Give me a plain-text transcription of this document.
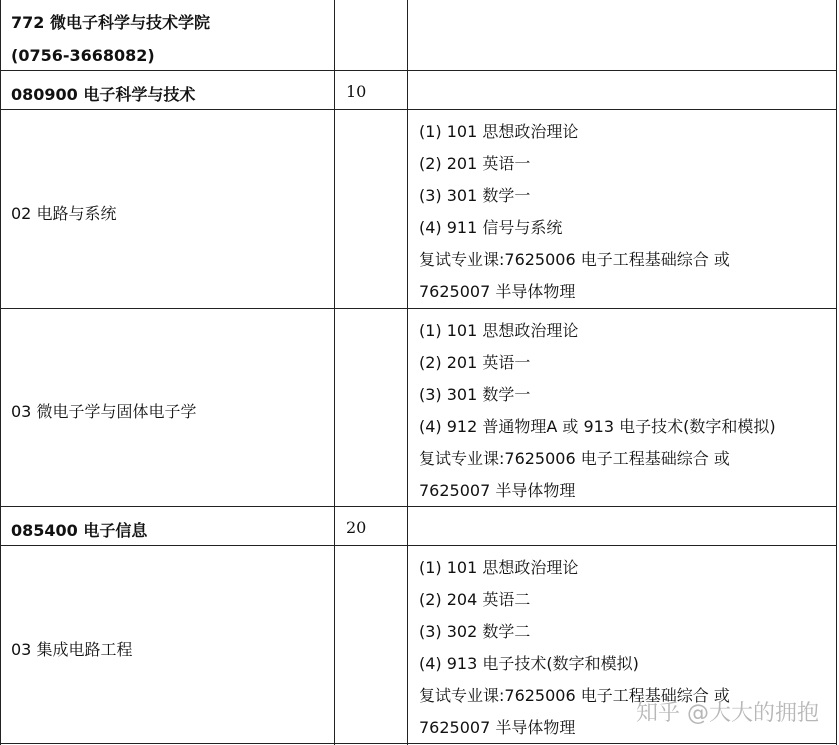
772 微电子科学与技术学院
(0756-3668082)
080900 电子科学与技术	10
02 电路与系统
(1) 101 思想政治理论
(2) 201 英语一
(3) 301 数学一
(4) 911 信号与系统
复试专业课:7625006 电子工程基础综合 或
7625007 半导体物理
03 微电子学与固体电子学
(1) 101 思想政治理论
(2) 201 英语一
(3) 301 数学一
(4) 912 普通物理A 或 913 电子技术(数字和模拟)
复试专业课:7625006 电子工程基础综合 或
7625007 半导体物理
085400 电子信息	20
03 集成电路工程
(1) 101 思想政治理论
(2) 204 英语二
(3) 302 数学二
(4) 913 电子技术(数字和模拟)
复试专业课:7625006 电子工程基础综合 或
7625007 半导体物理
知乎 @大大的拥抱
